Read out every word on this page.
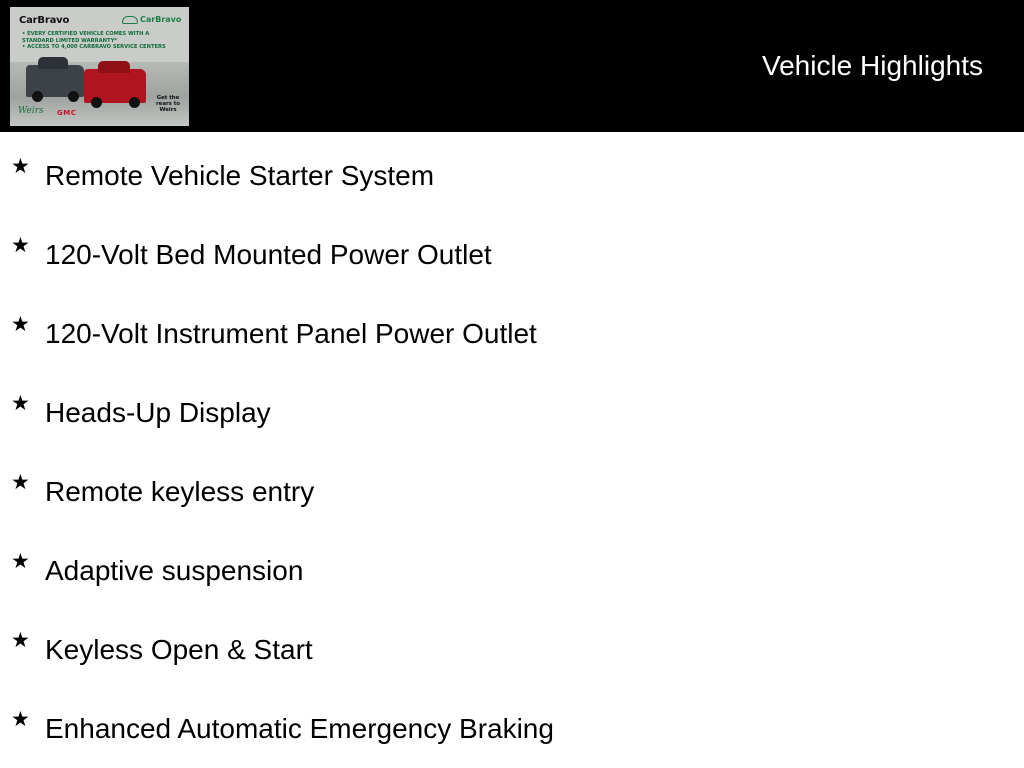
CarBravo	CarBravo
• EVERY CERTIFIED VEHICLE COMES WITH A STANDARD LIMITED WARRANTY*
• ACCESS TO 4,000 CARBRAVO SERVICE CENTERS
Weirs GMC
Get the rears to Weirs
Vehicle Highlights
★ Remote Vehicle Starter System
★ 120-Volt Bed Mounted Power Outlet
★ 120-Volt Instrument Panel Power Outlet
★ Heads-Up Display
★ Remote keyless entry
★ Adaptive suspension
★ Keyless Open & Start
★ Enhanced Automatic Emergency Braking
